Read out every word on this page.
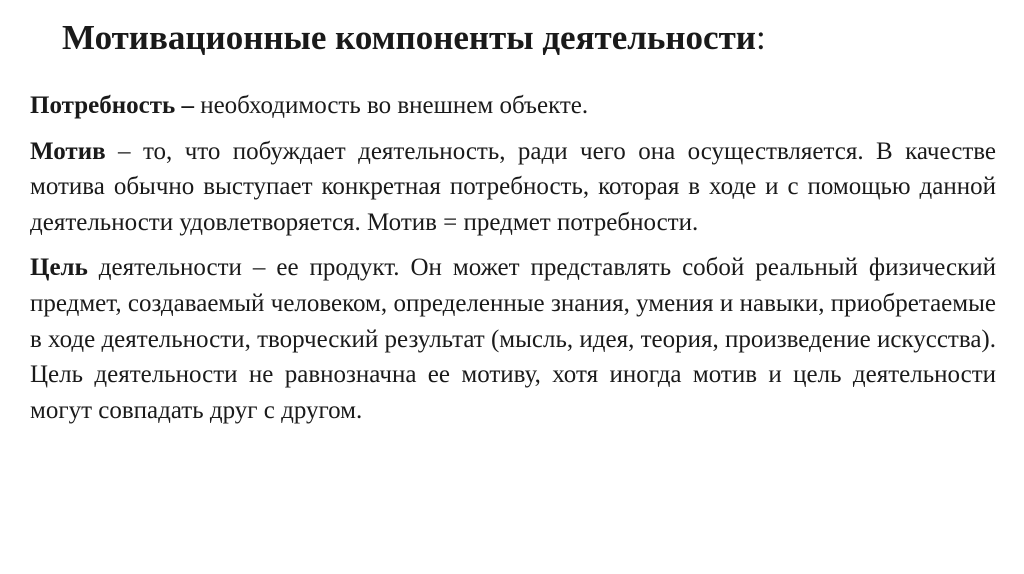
Мотивационные компоненты деятельности:

Потребность – необходимость во внешнем объекте.

Мотив – то, что побуждает деятельность, ради чего она осуществляется. В качестве мотива обычно выступает конкретная потребность, которая в ходе и с помощью данной деятельности удовлетворяется. Мотив = предмет потребности.

Цель деятельности – ее продукт. Он может представлять собой реальный физический предмет, создаваемый человеком, определенные знания, умения и навыки, приобретаемые в ходе деятельности, творческий результат (мысль, идея, теория, произведение искусства). Цель деятельности не равнозначна ее мотиву, хотя иногда мотив и цель деятельности могут совпадать друг с другом.
